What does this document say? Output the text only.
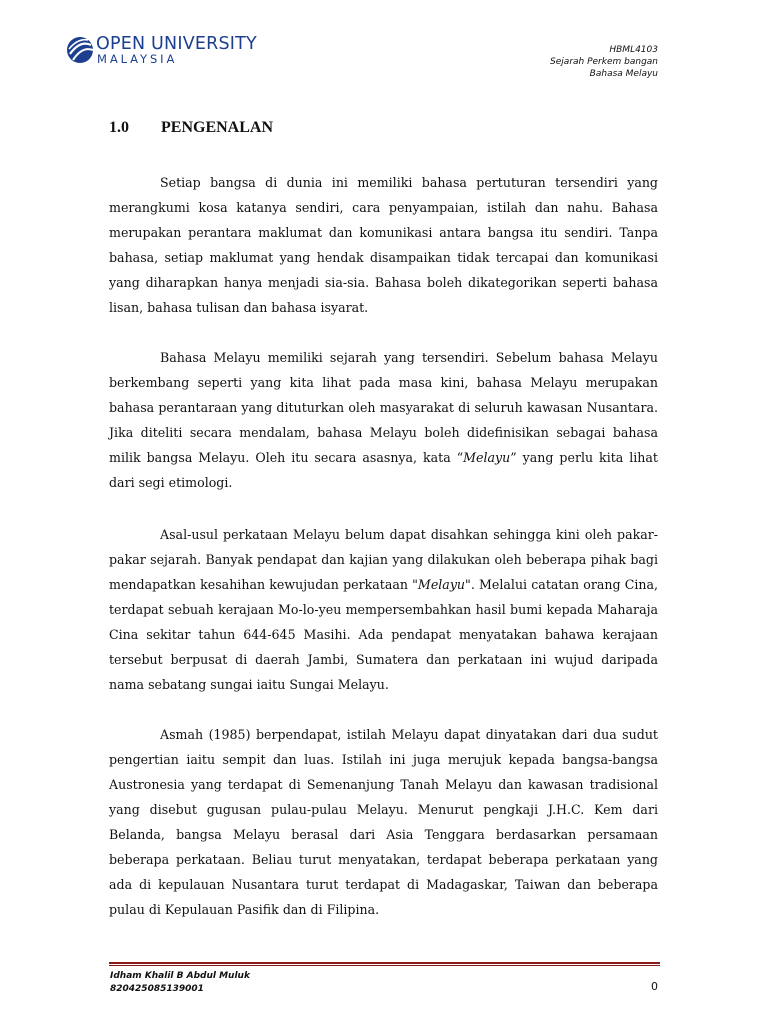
OPEN UNIVERSITY
MALAYSIA
HBML4103
Sejarah Perkem bangan
Bahasa Melayu
1.0 PENGENALAN

Setiap bangsa di dunia ini memiliki bahasa pertuturan tersendiri yang merangkumi kosa katanya sendiri, cara penyampaian, istilah dan nahu. Bahasa merupakan perantara maklumat dan komunikasi antara bangsa itu sendiri. Tanpa bahasa, setiap maklumat yang hendak disampaikan tidak tercapai dan komunikasi yang diharapkan hanya menjadi sia-sia. Bahasa boleh dikategorikan seperti bahasa lisan, bahasa tulisan dan bahasa isyarat.

Bahasa Melayu memiliki sejarah yang tersendiri. Sebelum bahasa Melayu berkembang seperti yang kita lihat pada masa kini, bahasa Melayu merupakan bahasa perantaraan yang dituturkan oleh masyarakat di seluruh kawasan Nusantara. Jika diteliti secara mendalam, bahasa Melayu boleh didefinisikan sebagai bahasa milik bangsa Melayu. Oleh itu secara asasnya, kata “Melayu” yang perlu kita lihat dari segi etimologi.

Asal-usul perkataan Melayu belum dapat disahkan sehingga kini oleh pakar-pakar sejarah. Banyak pendapat dan kajian yang dilakukan oleh beberapa pihak bagi mendapatkan kesahihan kewujudan perkataan "Melayu". Melalui catatan orang Cina, terdapat sebuah kerajaan Mo-lo-yeu mempersembahkan hasil bumi kepada Maharaja Cina sekitar tahun 644-645 Masihi. Ada pendapat menyatakan bahawa kerajaan tersebut berpusat di daerah Jambi, Sumatera dan perkataan ini wujud daripada nama sebatang sungai iaitu Sungai Melayu.

Asmah (1985) berpendapat, istilah Melayu dapat dinyatakan dari dua sudut pengertian iaitu sempit dan luas. Istilah ini juga merujuk kepada bangsa-bangsa Austronesia yang terdapat di Semenanjung Tanah Melayu dan kawasan tradisional yang disebut gugusan pulau-pulau Melayu. Menurut pengkaji J.H.C. Kem dari Belanda, bangsa Melayu berasal dari Asia Tenggara berdasarkan persamaan beberapa perkataan. Beliau turut menyatakan, terdapat beberapa perkataan yang ada di kepulauan Nusantara turut terdapat di Madagaskar, Taiwan dan beberapa pulau di Kepulauan Pasifik dan di Filipina.

Idham Khalil B Abdul Muluk
820425085139001	0
